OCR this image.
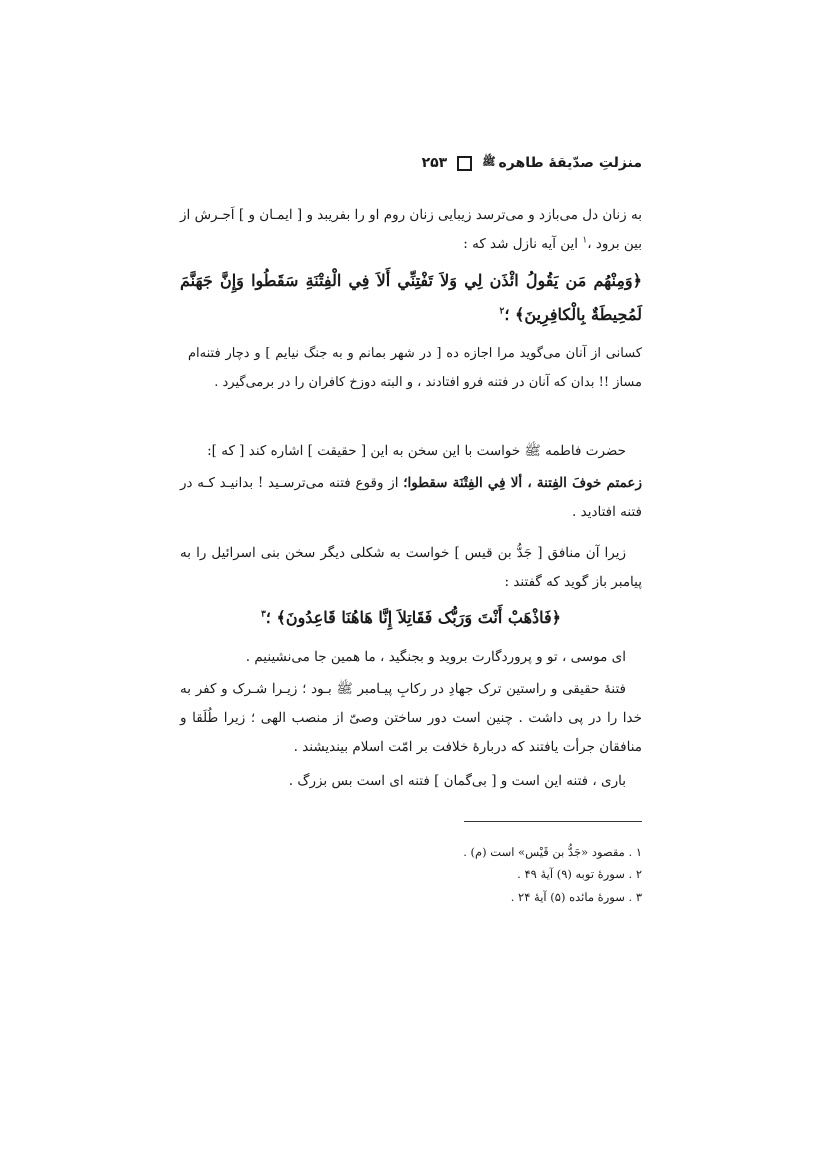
منزلتِ صدّیقۀ طاهره
ﷺ
۲۵۳

به زنان دل می‌بازد و می‌ترسد زیبایی زنان روم او را بفریبد و [ ایمـان و ] اَجـرش از بین برود ،$^۱$ این آیه نازل شد که :

﴿وَمِنْهُم مَن یَقُولُ ائْذَن لِي وَلاَ تَفْتِنِّي أَلاَ فِي الْفِتْنَةِ سَقَطُوا وَإِنَّ جَهَنَّمَ لَمُحِیطَةٌ بِالْکافِرِینَ﴾ ؛$^۲$

کسانی از آنان می‌گوید مرا اجازه ده [ در شهر بمانم و به جنگ نیایم ] و دچار فتنه‌ام مساز !! بدان که آنان در فتنه فرو افتادند ، و البته دوزخ کافران را در برمی‌گیرد .

حضرت فاطمه ﷺ خواست با این سخن به این [ حقیقت ] اشاره کند [ که ]:

زعمتم خوفَ الفِتنة ، ألا فِي الفِتْنَة سقطوا؛ از وقوع فتنه می‌ترسـید ! بدانیـد کـه در فتنه افتادید .

زیرا آن منافق [ جَدُّ بن قیس ] خواست به شکلی دیگر سخن بنی اسرائیل را به پیامبر باز گوید که گفتند :

﴿فَاذْهَبْ أَنْتَ وَرَبُّک فَقَاتِلاَ إِنَّا هَاهُنَا قَاعِدُونَ﴾ ؛$^۳$

ای موسی ، تو و پروردگارت بروید و بجنگید ، ما همین جا می‌نشینیم .

فتنۀ حقیقی و راستین ترک جهادِ در رکابِ پیـامبر ﷺ بـود ؛ زیـرا شـرک و کفر به خدا را در پی داشت . چنین است دور ساختن وصیّ از منصب الهی ؛ زیرا طُلَقا و منافقان جرأت یافتند که دربارۀ خلافت بر امّت اسلام بیندیشند .

باری ، فتنه این است و [ بی‌گمان ] فتنه ای است بس بزرگ .

۱ . مقصود «جَدُّ بن قَیْس» است (م) .

۲ . سورۀ توبه (۹) آیۀ ۴۹ .

۳ . سورۀ مائده (۵) آیۀ ۲۴ .
